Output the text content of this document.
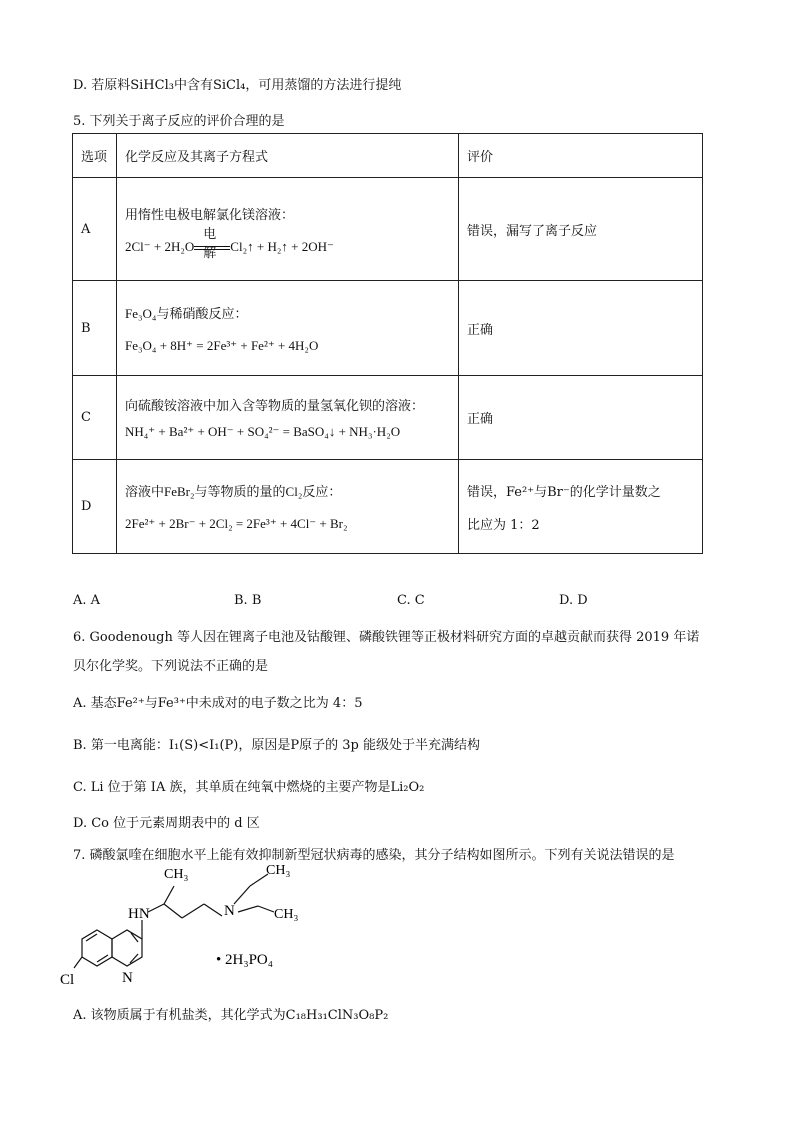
D. 若原料SiHCl₃中含有SiCl₄，可用蒸馏的方法进行提纯
5. 下列关于离子反应的评价合理的是
选项	化学反应及其离子方程式	评价
A	用惰性电极电解氯化镁溶液：
2Cl⁻ + 2H₂O
电解 Cl₂↑ + H₂↑ + 2OH⁻	错误，漏写了离子反应
B	Fe₃O₄与稀硝酸反应：
Fe₃O₄ + 8H⁺ = 2Fe³⁺ + Fe²⁺ + 4H₂O	正确
C	向硫酸铵溶液中加入含等物质的量氢氧化钡的溶液：
NH₄⁺ + Ba²⁺ + OH⁻ + SO₄²⁻ = BaSO₄↓ + NH₃·H₂O	正确
D	溶液中FeBr₂与等物质的量的Cl₂反应：
2Fe²⁺ + 2Br⁻ + 2Cl₂ = 2Fe³⁺ + 4Cl⁻ + Br₂	错误，Fe²⁺与Br⁻的化学计量数之
比应为 1：2
A. A	B. B	C. C	D. D
6. Goodenough 等人因在锂离子电池及钴酸锂、磷酸铁锂等正极材料研究方面的卓越贡献而获得 2019 年诺
贝尔化学奖。下列说法不正确的是
A. 基态Fe²⁺与Fe³⁺中未成对的电子数之比为 4：5
B. 第一电离能：I₁(S)<I₁(P)，原因是P原子的 3p 能级处于半充满结构
C. Li 位于第 IA 族，其单质在纯氧中燃烧的主要产物是Li₂O₂
D. Co 位于元素周期表中的 d 区
7. 磷酸氯喹在细胞水平上能有效抑制新型冠状病毒的感染，其分子结构如图所示。下列有关说法错误的是
CH₃	CH₃
CH₃
N
HN
Cl	N
• 2H₃PO₄
A. 该物质属于有机盐类，其化学式为C₁₈H₃₁ClN₃O₈P₂
